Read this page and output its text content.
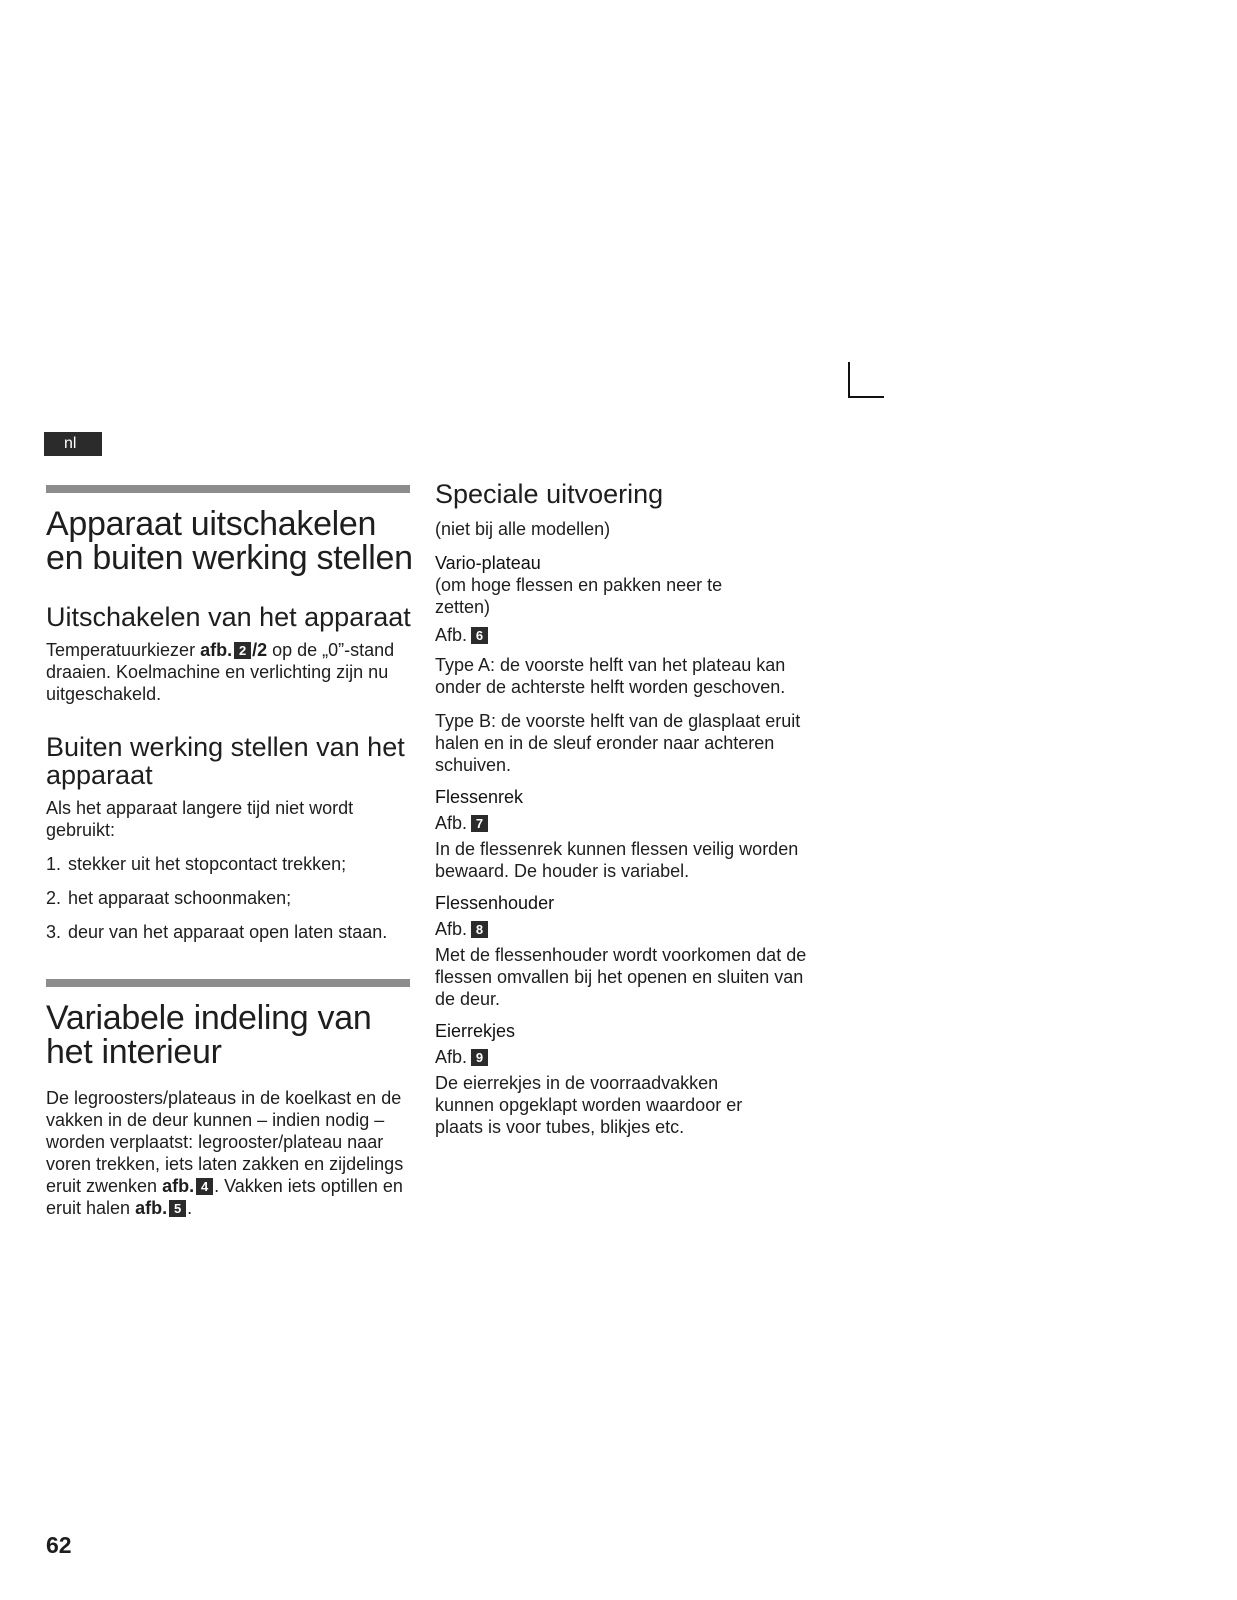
nl
Apparaat uitschakelen en buiten werking stellen
Uitschakelen van het apparaat

Temperatuurkiezer afb. 2 /2 op de „0”-stand draaien. Koelmachine en verlichting zijn nu uitgeschakeld.

Buiten werking stellen van het apparaat

Als het apparaat langere tijd niet wordt gebruikt:

1. stekker uit het stopcontact trekken;
2. het apparaat schoonmaken;
3. deur van het apparaat open laten staan.
Variabele indeling van het interieur

De legroosters/plateaus in de koelkast en de vakken in de deur kunnen – indien nodig – worden verplaatst: legrooster/plateau naar voren trekken, iets laten zakken en zijdelings eruit zwenken afb. 4 . Vakken iets optillen en eruit halen afb. 5 .

Speciale uitvoering

(niet bij alle modellen)

Vario-plateau

(om hoge flessen en pakken neer te zetten)

Afb. 6

Type A: de voorste helft van het plateau kan onder de achterste helft worden geschoven.

Type B: de voorste helft van de glasplaat eruit halen en in de sleuf eronder naar achteren schuiven.

Flessenrek
Afb. 7

In de flessenrek kunnen flessen veilig worden bewaard. De houder is variabel.

Flessenhouder
Afb. 8

Met de flessenhouder wordt voorkomen dat de flessen omvallen bij het openen en sluiten van de deur.

Eierrekjes
Afb. 9

De eierrekjes in de voorraadvakken kunnen opgeklapt worden waardoor er plaats is voor tubes, blikjes etc.

62
